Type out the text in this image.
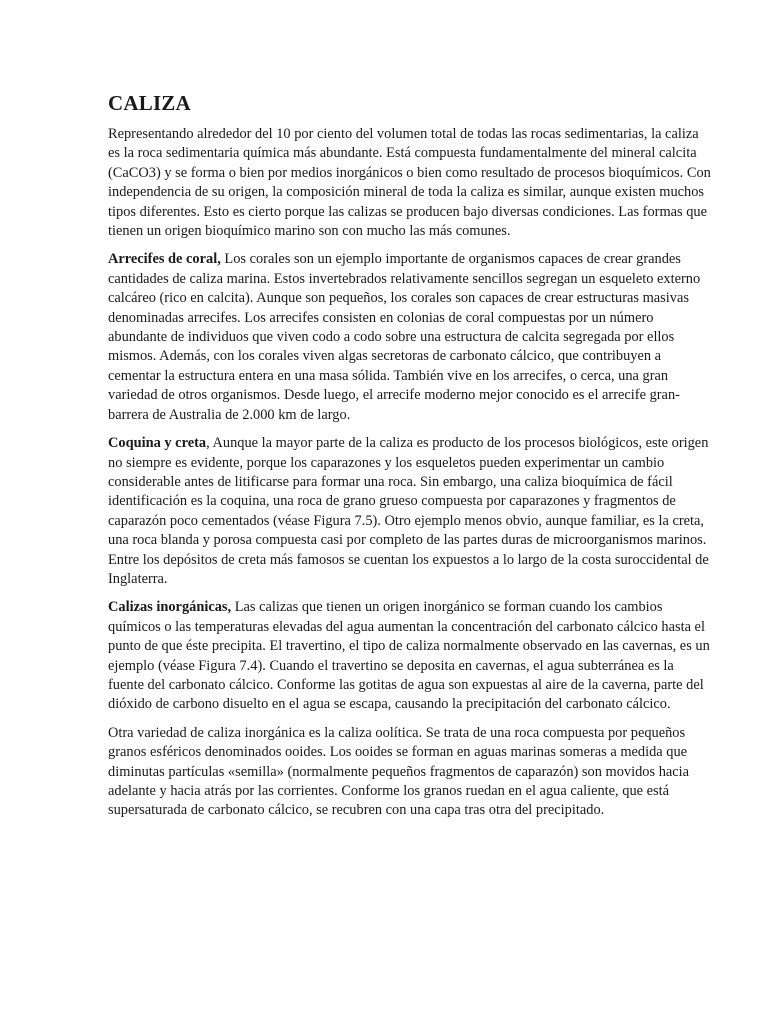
CALIZA

Representando alrededor del 10 por ciento del volumen total de todas las rocas sedimentarias, la caliza es la roca sedimentaria química más abundante. Está compuesta fundamentalmente del mineral calcita (CaCO3) y se forma o bien por medios inorgánicos o bien como resultado de procesos bioquímicos. Con independencia de su origen, la composición mineral de toda la caliza es similar, aunque existen muchos tipos diferentes. Esto es cierto porque las calizas se producen bajo diversas condiciones. Las formas que tienen un origen bioquímico marino son con mucho las más comunes.

Arrecifes de coral, Los corales son un ejemplo importante de organismos capaces de crear grandes cantidades de caliza marina. Estos invertebrados relativamente sencillos segregan un esqueleto externo calcáreo (rico en calcita). Aunque son pequeños, los corales son capaces de crear estructuras masivas denominadas arrecifes. Los arrecifes consisten en colonias de coral compuestas por un número abundante de individuos que viven codo a codo sobre una estructura de calcita segregada por ellos mismos. Además, con los corales viven algas secretoras de carbonato cálcico, que contribuyen a cementar la estructura entera en una masa sólida. También vive en los arrecifes, o cerca, una gran variedad de otros organismos. Desde luego, el arrecife moderno mejor conocido es el arrecife gran-barrera de Australia de 2.000 km de largo.

Coquina y creta, Aunque la mayor parte de la caliza es producto de los procesos biológicos, este origen no siempre es evidente, porque los caparazones y los esqueletos pueden experimentar un cambio considerable antes de litificarse para formar una roca. Sin embargo, una caliza bioquímica de fácil identificación es la coquina, una roca de grano grueso compuesta por caparazones y fragmentos de caparazón poco cementados (véase Figura 7.5). Otro ejemplo menos obvio, aunque familiar, es la creta, una roca blanda y porosa compuesta casi por completo de las partes duras de microorganismos marinos. Entre los depósitos de creta más famosos se cuentan los expuestos a lo largo de la costa suroccidental de Inglaterra.

Calizas inorgánicas, Las calizas que tienen un origen inorgánico se forman cuando los cambios químicos o las temperaturas elevadas del agua aumentan la concentración del carbonato cálcico hasta el punto de que éste precipita. El travertino, el tipo de caliza normalmente observado en las cavernas, es un ejemplo (véase Figura 7.4). Cuando el travertino se deposita en cavernas, el agua subterránea es la fuente del carbonato cálcico. Conforme las gotitas de agua son expuestas al aire de la caverna, parte del dióxido de carbono disuelto en el agua se escapa, causando la precipitación del carbonato cálcico.

Otra variedad de caliza inorgánica es la caliza oolítica. Se trata de una roca compuesta por pequeños granos esféricos denominados ooides. Los ooides se forman en aguas marinas someras a medida que diminutas partículas «semilla» (normalmente pequeños fragmentos de caparazón) son movidos hacia adelante y hacia atrás por las corrientes. Conforme los granos ruedan en el agua caliente, que está supersaturada de carbonato cálcico, se recubren con una capa tras otra del precipitado.
